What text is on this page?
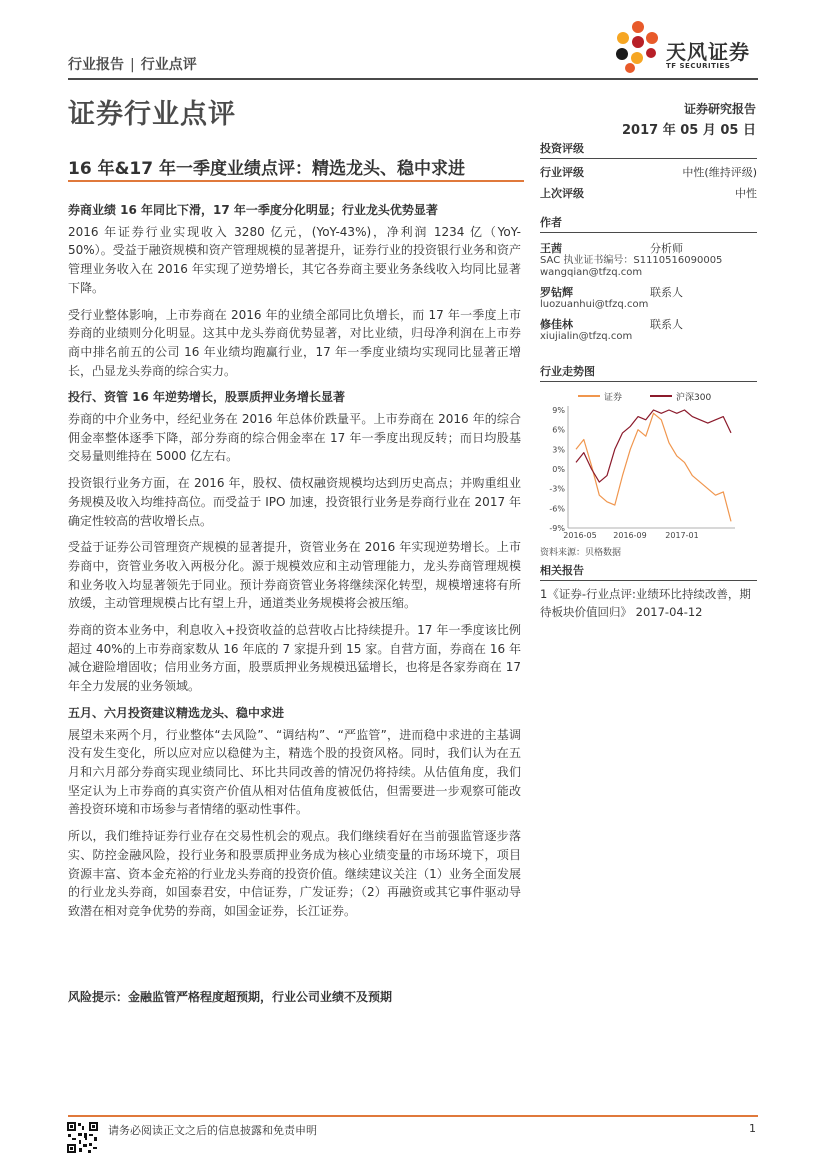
天风证券
TF SECURITIES
行业报告 | 行业点评
证券行业点评	证券研究报告
2017 年 05 月 05 日
16 年&17 年一季度业绩点评：精选龙头、稳中求进
券商业绩 16 年同比下滑，17 年一季度分化明显；行业龙头优势显著

2016 年证券行业实现收入 3280 亿元，(YoY-43%)，净利润 1234 亿（YoY-50%）。受益于融资规模和资产管理规模的显著提升，证券行业的投资银行业务和资产管理业务收入在 2016 年实现了逆势增长，其它各券商主要业务条线收入均同比显著下降。

受行业整体影响，上市券商在 2016 年的业绩全部同比负增长，而 17 年一季度上市券商的业绩则分化明显。这其中龙头券商优势显著，对比业绩，归母净利润在上市券商中排名前五的公司 16 年业绩均跑赢行业，17 年一季度业绩均实现同比显著正增长，凸显龙头券商的综合实力。

投行、资管 16 年逆势增长，股票质押业务增长显著

券商的中介业务中，经纪业务在 2016 年总体价跌量平。上市券商在 2016 年的综合佣金率整体逐季下降，部分券商的综合佣金率在 17 年一季度出现反转；而日均股基交易量则维持在 5000 亿左右。

投资银行业务方面，在 2016 年，股权、债权融资规模均达到历史高点；并购重组业务规模及收入均维持高位。而受益于 IPO 加速，投资银行业务是券商行业在 2017 年确定性较高的营收增长点。

受益于证券公司管理资产规模的显著提升，资管业务在 2016 年实现逆势增长。上市券商中，资管业务收入两极分化。源于规模效应和主动管理能力，龙头券商管理规模和业务收入均显著领先于同业。预计券商资管业务将继续深化转型，规模增速将有所放缓，主动管理规模占比有望上升，通道类业务规模将会被压缩。

券商的资本业务中，利息收入+投资收益的总营收占比持续提升。17 年一季度该比例超过 40%的上市券商家数从 16 年底的 7 家提升到 15 家。自营方面，券商在 16 年减仓避险增固收；信用业务方面，股票质押业务规模迅猛增长，也将是各家券商在 17 年全力发展的业务领域。

五月、六月投资建议精选龙头、稳中求进

展望未来两个月，行业整体“去风险”、“调结构”、“严监管”，进而稳中求进的主基调没有发生变化，所以应对应以稳健为主，精选个股的投资风格。同时，我们认为在五月和六月部分券商实现业绩同比、环比共同改善的情况仍将持续。从估值角度，我们坚定认为上市券商的真实资产价值从相对估值角度被低估，但需要进一步观察可能改善投资环境和市场参与者情绪的驱动性事件。

所以，我们维持证券行业存在交易性机会的观点。我们继续看好在当前强监管逐步落实、防控金融风险，投行业务和股票质押业务成为核心业绩变量的市场环境下，项目资源丰富、资本金充裕的行业龙头券商的投资价值。继续建议关注（1）业务全面发展的行业龙头券商，如国泰君安，中信证券，广发证券；（2）再融资或其它事件驱动导致潜在相对竞争优势的券商，如国金证券，长江证券。

风险提示：金融监管严格程度超预期，行业公司业绩不及预期
投资评级
行业评级	中性(维持评级)
上次评级	中性
作者
王茜	分析师
SAC 执业证书编号：S1110516090005
wangqian@tfzq.com
罗钻辉	联系人
luozuanhui@tfzq.com
修佳林	联系人
xiujialin@tfzq.com
行业走势图
证券	沪深300
9%
6%
3%
0%
-3%
-6%
-9%
2016-05 2016-09 2017-01
资料来源：贝格数据
相关报告
1《证券-行业点评:业绩环比持续改善，期待板块价值回归》 2017-04-12
请务必阅读正文之后的信息披露和免责申明	1
